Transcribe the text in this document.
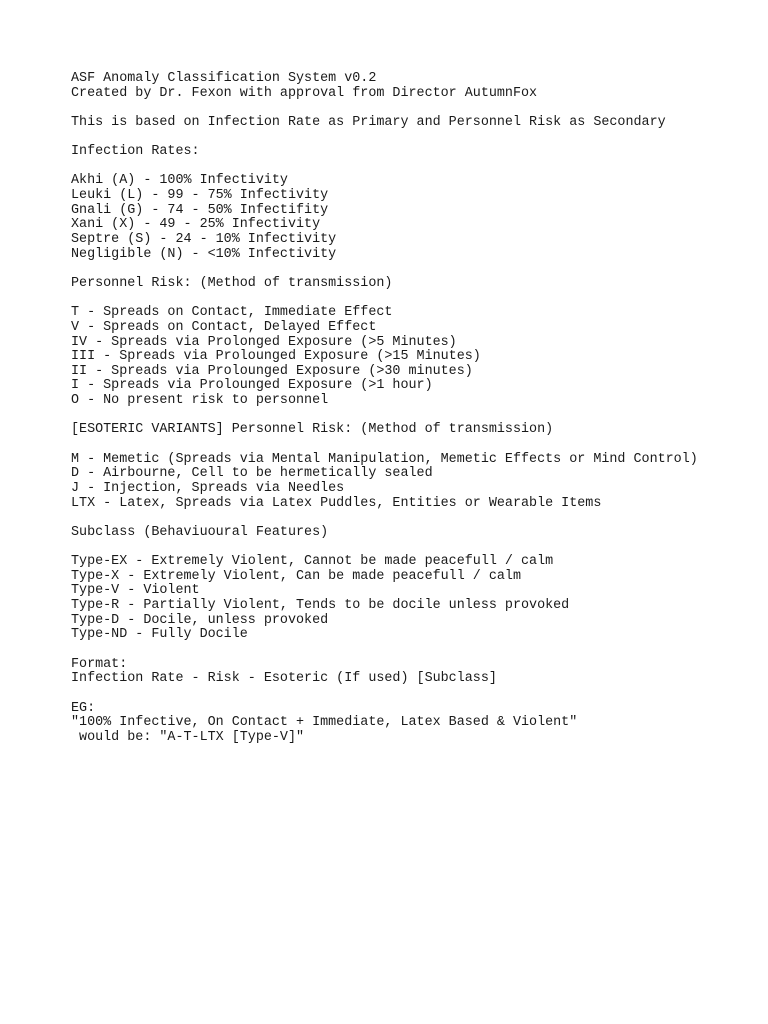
ASF Anomaly Classification System v0.2
Created by Dr. Fexon with approval from Director AutumnFox
This is based on Infection Rate as Primary and Personnel Risk as Secondary
Infection Rates:
Akhi (A) - 100% Infectivity
Leuki (L) - 99 - 75% Infectivity
Gnali (G) - 74 - 50% Infectifity
Xani (X) - 49 - 25% Infectivity
Septre (S) - 24 - 10% Infectivity
Negligible (N) - <10% Infectivity
Personnel Risk: (Method of transmission)
T - Spreads on Contact, Immediate Effect
V - Spreads on Contact, Delayed Effect
IV - Spreads via Prolonged Exposure (>5 Minutes)
III - Spreads via Prolounged Exposure (>15 Minutes)
II - Spreads via Prolounged Exposure (>30 minutes)
I - Spreads via Prolounged Exposure (>1 hour)
O - No present risk to personnel
[ESOTERIC VARIANTS] Personnel Risk: (Method of transmission)
M - Memetic (Spreads via Mental Manipulation, Memetic Effects or Mind Control)
D - Airbourne, Cell to be hermetically sealed
J - Injection, Spreads via Needles
LTX - Latex, Spreads via Latex Puddles, Entities or Wearable Items
Subclass (Behaviuoural Features)
Type-EX - Extremely Violent, Cannot be made peacefull / calm
Type-X - Extremely Violent, Can be made peacefull / calm
Type-V - Violent
Type-R - Partially Violent, Tends to be docile unless provoked
Type-D - Docile, unless provoked
Type-ND - Fully Docile
Format:
Infection Rate - Risk - Esoteric (If used) [Subclass]
EG:
"100% Infective, On Contact + Immediate, Latex Based & Violent"
would be: "A-T-LTX [Type-V]"
